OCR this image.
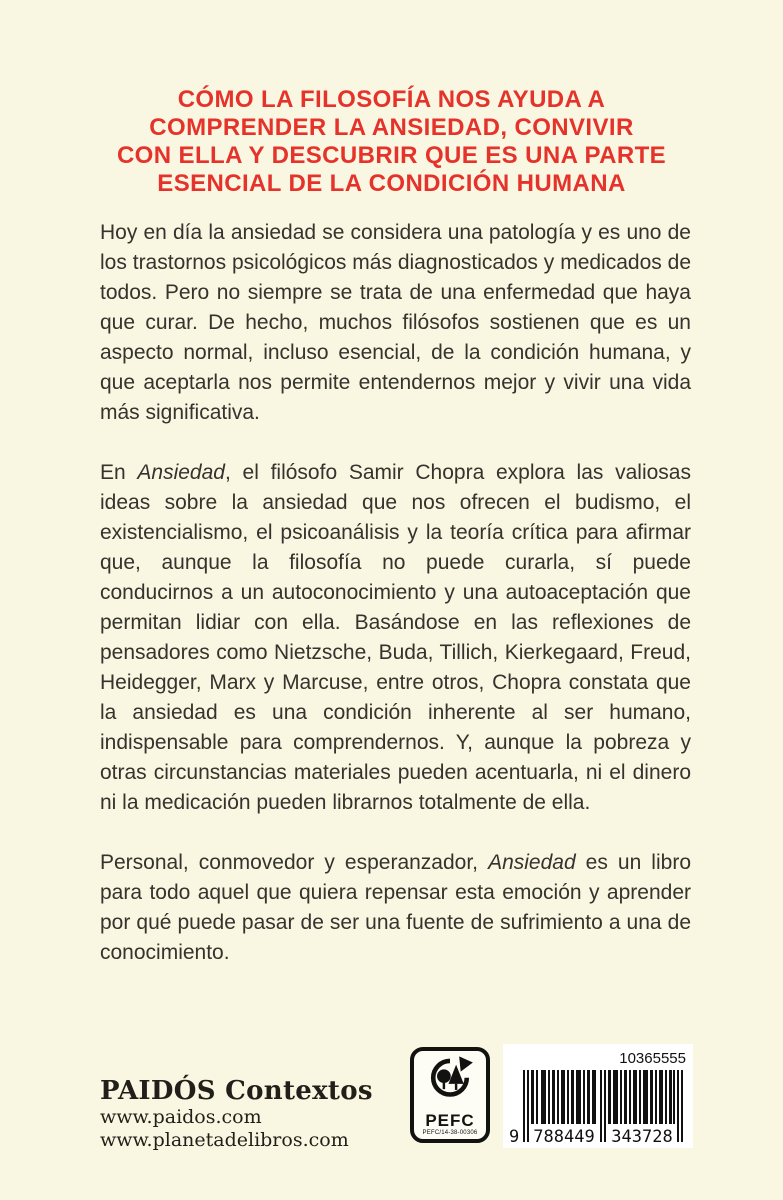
CÓMO LA FILOSOFÍA NOS AYUDA A
COMPRENDER LA ANSIEDAD, CONVIVIR
CON ELLA Y DESCUBRIR QUE ES UNA PARTE
ESENCIAL DE LA CONDICIÓN HUMANA

Hoy en día la ansiedad se considera una patología y es uno de los trastornos psicológicos más diagnosticados y medicados de todos. Pero no siempre se trata de una enfermedad que haya que curar. De hecho, muchos filósofos sostienen que es un aspecto normal, incluso esencial, de la condición humana, y que aceptarla nos permite entendernos mejor y vivir una vida más significativa.

En Ansiedad, el filósofo Samir Chopra explora las valiosas ideas sobre la ansiedad que nos ofrecen el budismo, el existencialismo, el psicoanálisis y la teoría crítica para afirmar que, aunque la filosofía no puede curarla, sí puede conducirnos a un autoconocimiento y una autoaceptación que permitan lidiar con ella. Basándose en las reflexiones de pensadores como Nietzsche, Buda, Tillich, Kierkegaard, Freud, Heidegger, Marx y Marcuse, entre otros, Chopra constata que la ansiedad es una condición inherente al ser humano, indispensable para comprendernos. Y, aunque la pobreza y otras circunstancias materiales pueden acentuarla, ni el dinero ni la medicación pueden librarnos totalmente de ella.

Personal, conmovedor y esperanzador, Ansiedad es un libro para todo aquel que quiera repensar esta emoción y aprender por qué puede pasar de ser una fuente de sufrimiento a una de conocimiento.

PAIDÓS Contextos
www.paidos.com
www.planetadelibros.com
PEFC
PEFC/14-38-00306
10365555
9 788449 343728
